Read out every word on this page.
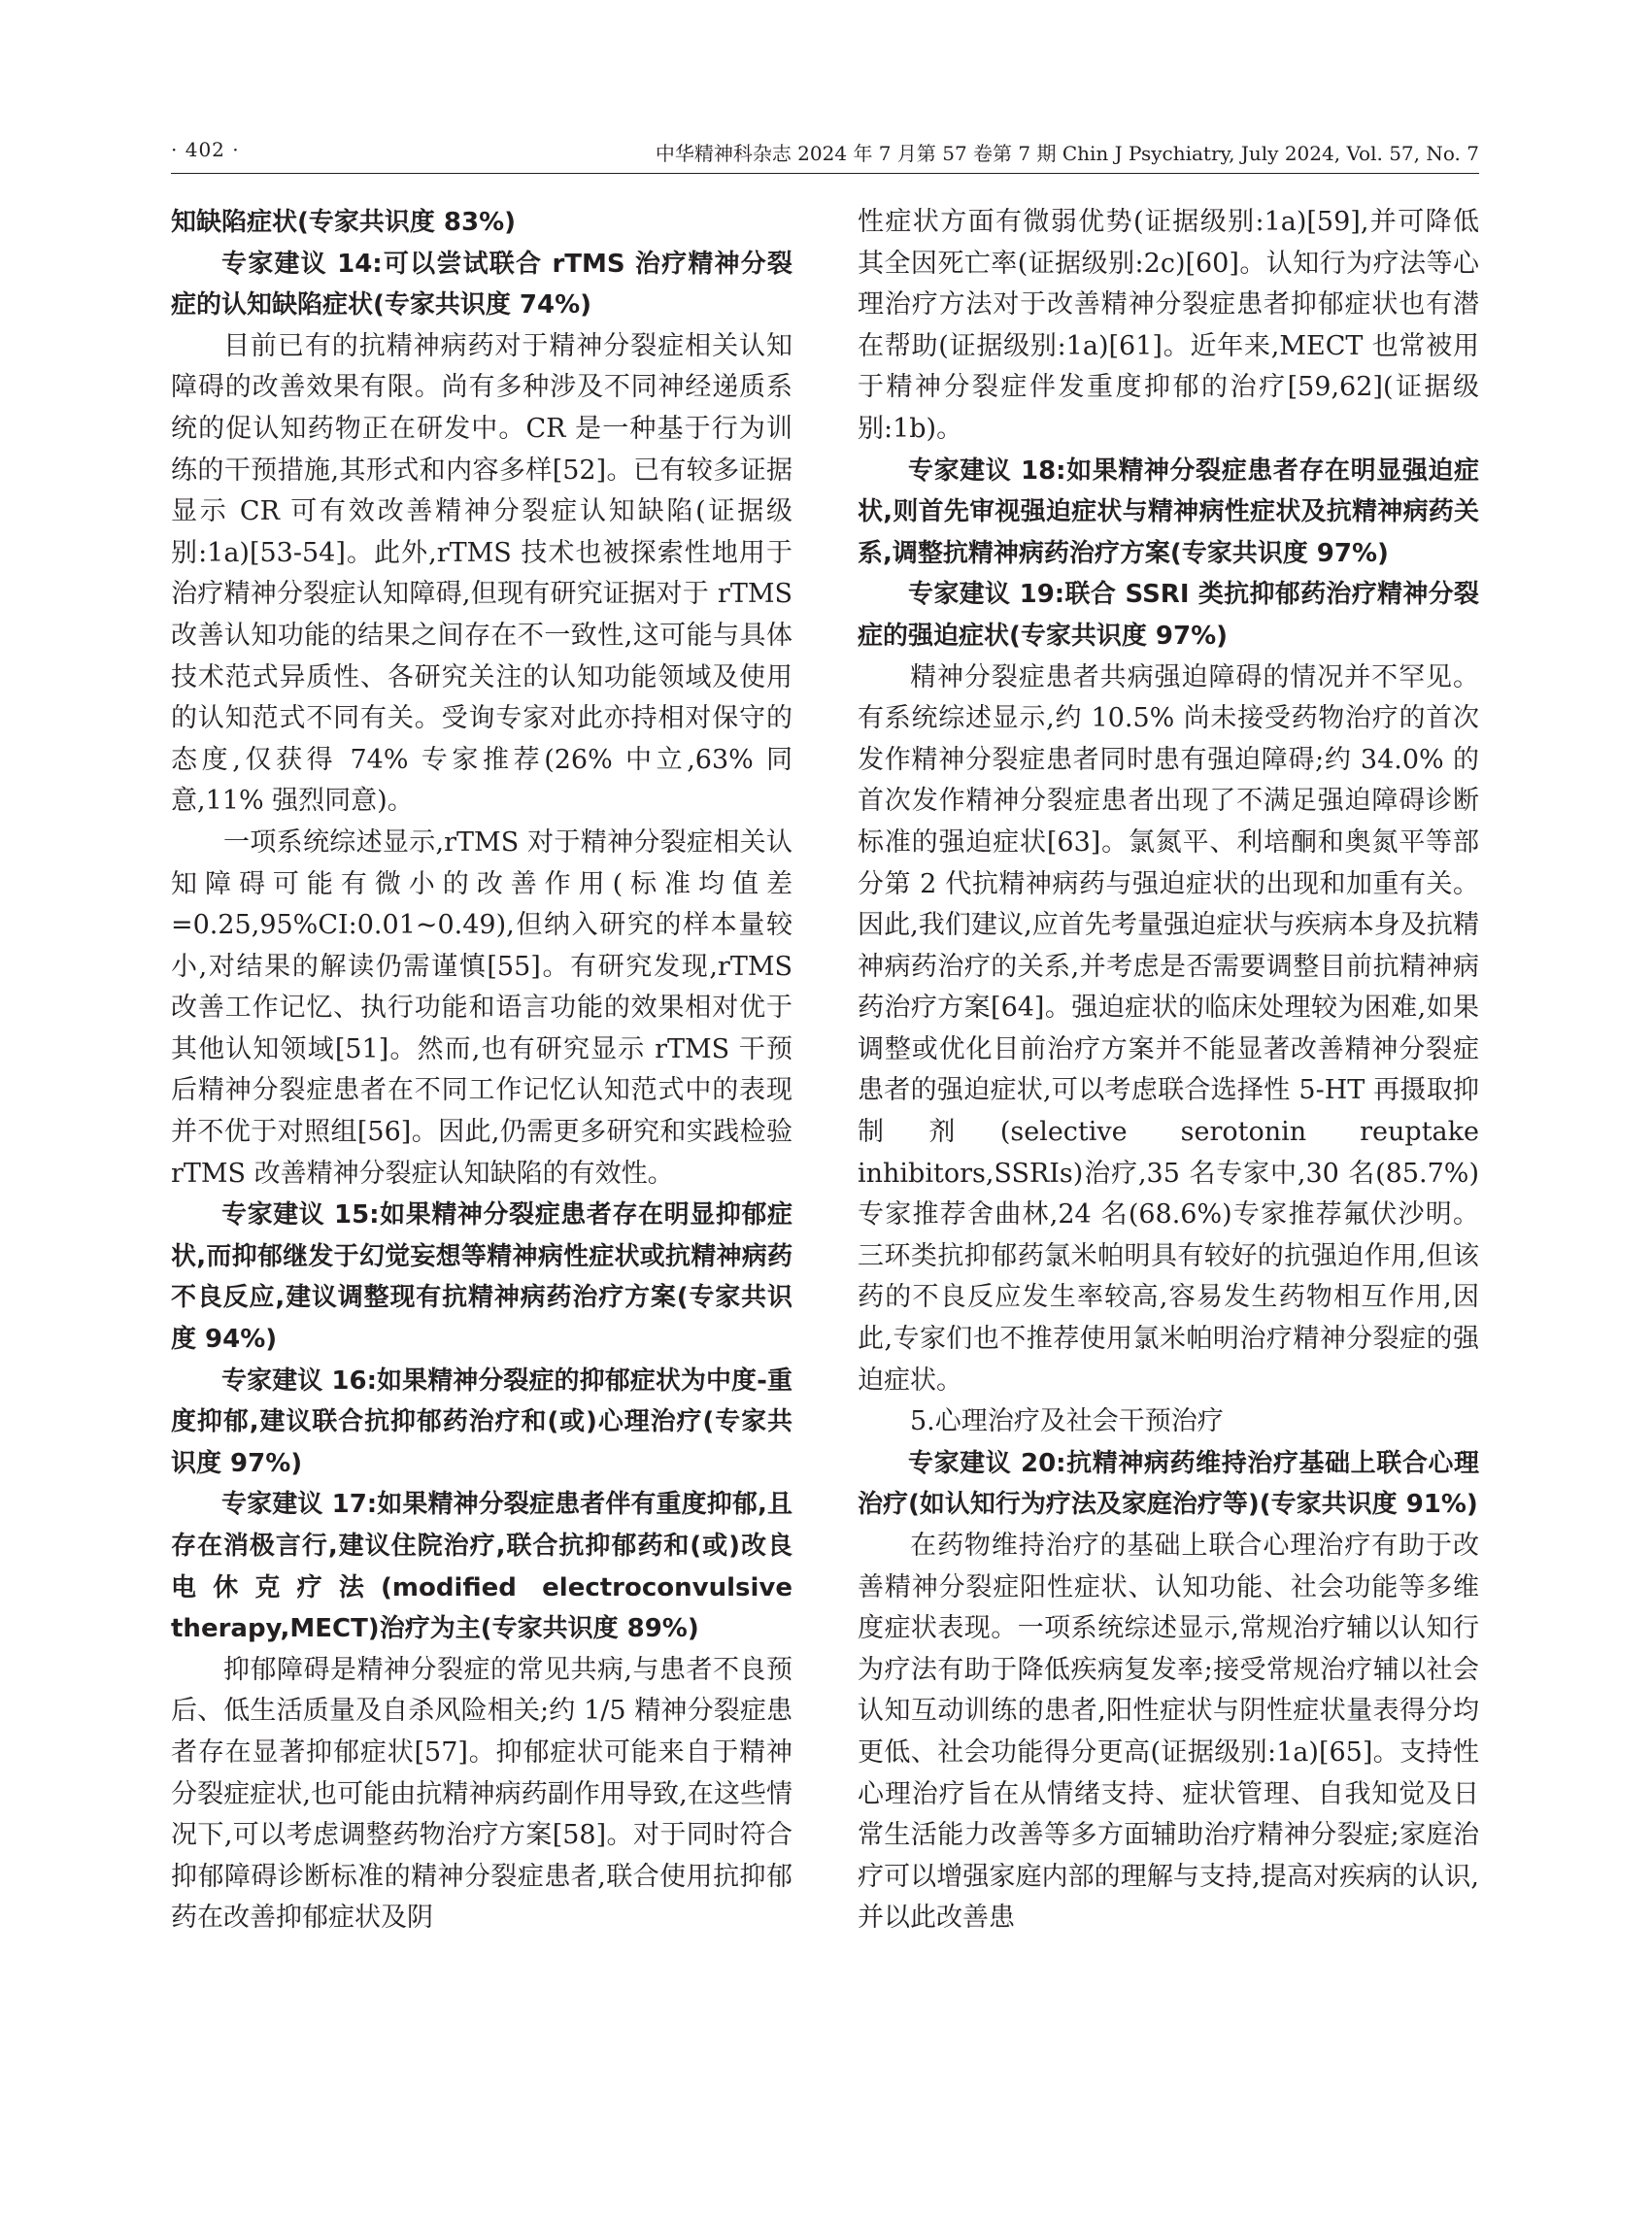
· 402 ·	中华精神科杂志 2024 年 7 月第 57 卷第 7 期 Chin J Psychiatry, July 2024, Vol. 57, No. 7

知缺陷症状(专家共识度 83%)

专家建议 14:可以尝试联合 rTMS 治疗精神分裂症的认知缺陷症状(专家共识度 74%)

目前已有的抗精神病药对于精神分裂症相关认知障碍的改善效果有限。尚有多种涉及不同神经递质系统的促认知药物正在研发中。CR 是一种基于行为训练的干预措施,其形式和内容多样[52]。已有较多证据显示 CR 可有效改善精神分裂症认知缺陷(证据级别:1a)[53-54]。此外,rTMS 技术也被探索性地用于治疗精神分裂症认知障碍,但现有研究证据对于 rTMS 改善认知功能的结果之间存在不一致性,这可能与具体技术范式异质性、各研究关注的认知功能领域及使用的认知范式不同有关。受询专家对此亦持相对保守的态度,仅获得 74% 专家推荐(26% 中立,63% 同意,11% 强烈同意)。

一项系统综述显示,rTMS 对于精神分裂症相关认知障碍可能有微小的改善作用(标准均值差=0.25,95%CI:0.01~0.49),但纳入研究的样本量较小,对结果的解读仍需谨慎[55]。有研究发现,rTMS 改善工作记忆、执行功能和语言功能的效果相对优于其他认知领域[51]。然而,也有研究显示 rTMS 干预后精神分裂症患者在不同工作记忆认知范式中的表现并不优于对照组[56]。因此,仍需更多研究和实践检验 rTMS 改善精神分裂症认知缺陷的有效性。

专家建议 15:如果精神分裂症患者存在明显抑郁症状,而抑郁继发于幻觉妄想等精神病性症状或抗精神病药不良反应,建议调整现有抗精神病药治疗方案(专家共识度 94%)

专家建议 16:如果精神分裂症的抑郁症状为中度-重度抑郁,建议联合抗抑郁药治疗和(或)心理治疗(专家共识度 97%)

专家建议 17:如果精神分裂症患者伴有重度抑郁,且存在消极言行,建议住院治疗,联合抗抑郁药和(或)改良电休克疗法(modified electroconvulsive therapy,MECT)治疗为主(专家共识度 89%)

抑郁障碍是精神分裂症的常见共病,与患者不良预后、低生活质量及自杀风险相关;约 1/5 精神分裂症患者存在显著抑郁症状[57]。抑郁症状可能来自于精神分裂症症状,也可能由抗精神病药副作用导致,在这些情况下,可以考虑调整药物治疗方案[58]。对于同时符合抑郁障碍诊断标准的精神分裂症患者,联合使用抗抑郁药在改善抑郁症状及阴

性症状方面有微弱优势(证据级别:1a)[59],并可降低其全因死亡率(证据级别:2c)[60]。认知行为疗法等心理治疗方法对于改善精神分裂症患者抑郁症状也有潜在帮助(证据级别:1a)[61]。近年来,MECT 也常被用于精神分裂症伴发重度抑郁的治疗[59,62](证据级别:1b)。

专家建议 18:如果精神分裂症患者存在明显强迫症状,则首先审视强迫症状与精神病性症状及抗精神病药关系,调整抗精神病药治疗方案(专家共识度 97%)

专家建议 19:联合 SSRI 类抗抑郁药治疗精神分裂症的强迫症状(专家共识度 97%)

精神分裂症患者共病强迫障碍的情况并不罕见。有系统综述显示,约 10.5% 尚未接受药物治疗的首次发作精神分裂症患者同时患有强迫障碍;约 34.0% 的首次发作精神分裂症患者出现了不满足强迫障碍诊断标准的强迫症状[63]。氯氮平、利培酮和奥氮平等部分第 2 代抗精神病药与强迫症状的出现和加重有关。因此,我们建议,应首先考量强迫症状与疾病本身及抗精神病药治疗的关系,并考虑是否需要调整目前抗精神病药治疗方案[64]。强迫症状的临床处理较为困难,如果调整或优化目前治疗方案并不能显著改善精神分裂症患者的强迫症状,可以考虑联合选择性 5-HT 再摄取抑制剂(selective serotonin reuptake inhibitors,SSRIs)治疗,35 名专家中,30 名(85.7%)专家推荐舍曲林,24 名(68.6%)专家推荐氟伏沙明。三环类抗抑郁药氯米帕明具有较好的抗强迫作用,但该药的不良反应发生率较高,容易发生药物相互作用,因此,专家们也不推荐使用氯米帕明治疗精神分裂症的强迫症状。

5.心理治疗及社会干预治疗

专家建议 20:抗精神病药维持治疗基础上联合心理治疗(如认知行为疗法及家庭治疗等)(专家共识度 91%)

在药物维持治疗的基础上联合心理治疗有助于改善精神分裂症阳性症状、认知功能、社会功能等多维度症状表现。一项系统综述显示,常规治疗辅以认知行为疗法有助于降低疾病复发率;接受常规治疗辅以社会认知互动训练的患者,阳性症状与阴性症状量表得分均更低、社会功能得分更高(证据级别:1a)[65]。支持性心理治疗旨在从情绪支持、症状管理、自我知觉及日常生活能力改善等多方面辅助治疗精神分裂症;家庭治疗可以增强家庭内部的理解与支持,提高对疾病的认识,并以此改善患
